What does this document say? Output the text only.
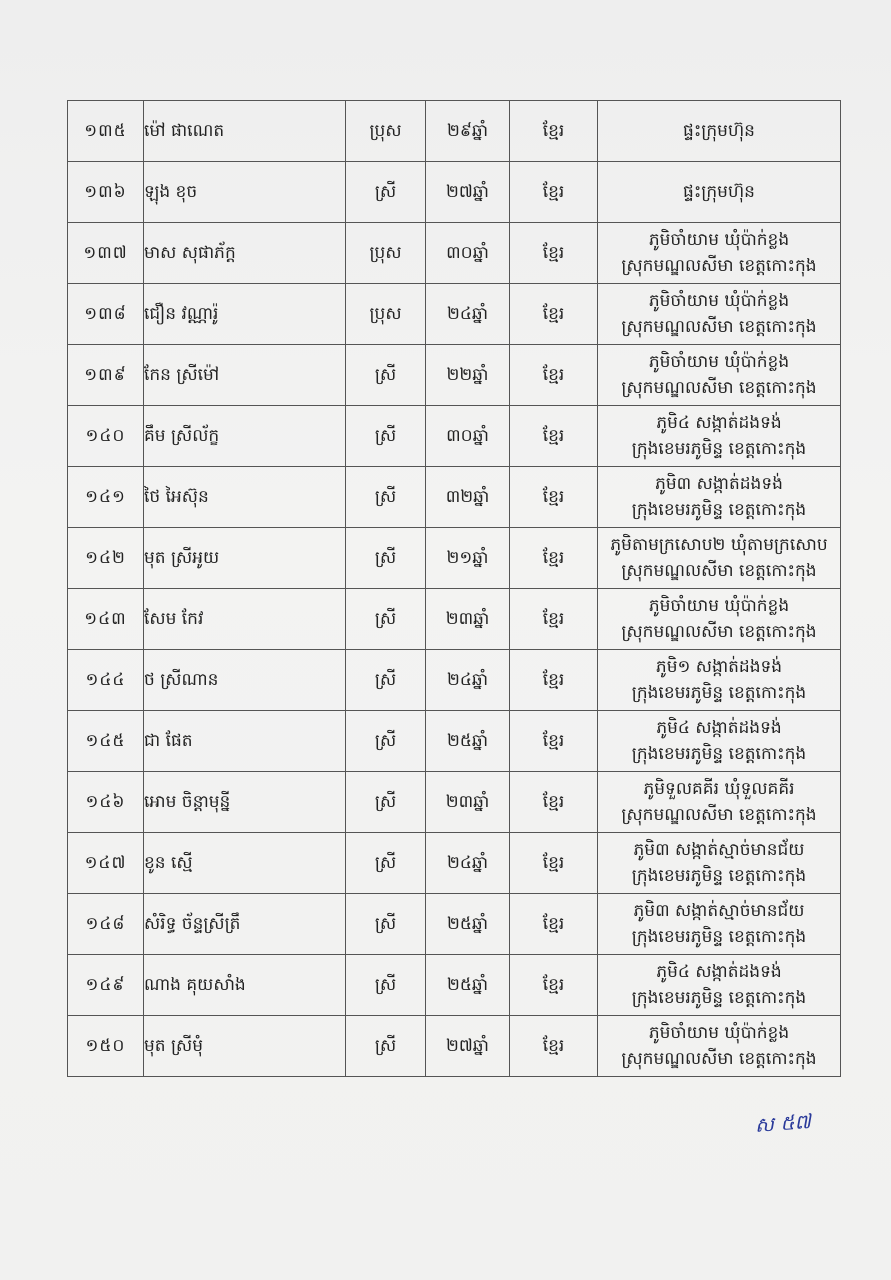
១៣៥	ម៉ៅ ផាណេត	ប្រុស	២៩ឆ្នាំ	ខ្មែរ	ផ្ទះក្រុមហ៊ុន

១៣៦	ឡុង ខុច	ស្រី	២៧ឆ្នាំ	ខ្មែរ	ផ្ទះក្រុមហ៊ុន

១៣៧	មាស សុផាភ័ក្ត	ប្រុស	៣០ឆ្នាំ	ខ្មែរ	ភូមិចាំយាម ឃុំប៉ាក់ខ្លង
ស្រុកមណ្ឌលសីមា ខេត្តកោះកុង

១៣៨	ជឿន វណ្ណារ៉ូ	ប្រុស	២៤ឆ្នាំ	ខ្មែរ	ភូមិចាំយាម ឃុំប៉ាក់ខ្លង
ស្រុកមណ្ឌលសីមា ខេត្តកោះកុង

១៣៩	កែន ស្រីម៉ៅ	ស្រី	២២ឆ្នាំ	ខ្មែរ	ភូមិចាំយាម ឃុំប៉ាក់ខ្លង
ស្រុកមណ្ឌលសីមា ខេត្តកោះកុង

១៤០	គឹម ស្រីល័ក្ខ	ស្រី	៣០ឆ្នាំ	ខ្មែរ	ភូមិ៤ សង្កាត់ដងទង់
ក្រុងខេមរភូមិន្ទ ខេត្តកោះកុង

១៤១	ថៃ អៃស៊ុន	ស្រី	៣២ឆ្នាំ	ខ្មែរ	ភូមិ៣ សង្កាត់ដងទង់
ក្រុងខេមរភូមិន្ទ ខេត្តកោះកុង

១៤២	មុត ស្រីអូយ	ស្រី	២១ឆ្នាំ	ខ្មែរ	ភូមិតាមក្រសោប២ ឃុំតាមក្រសោប
ស្រុកមណ្ឌលសីមា ខេត្តកោះកុង

១៤៣	សែម កែវ	ស្រី	២៣ឆ្នាំ	ខ្មែរ	ភូមិចាំយាម ឃុំប៉ាក់ខ្លង
ស្រុកមណ្ឌលសីមា ខេត្តកោះកុង

១៤៤	ថ ស្រីណាន	ស្រី	២៤ឆ្នាំ	ខ្មែរ	ភូមិ១ សង្កាត់ដងទង់
ក្រុងខេមរភូមិន្ទ ខេត្តកោះកុង

១៤៥	ជា ផែត	ស្រី	២៥ឆ្នាំ	ខ្មែរ	ភូមិ៤ សង្កាត់ដងទង់
ក្រុងខេមរភូមិន្ទ ខេត្តកោះកុង

១៤៦	អោម ចិន្តាមុន្នី	ស្រី	២៣ឆ្នាំ	ខ្មែរ	ភូមិទួលគគីរ ឃុំទួលគគីរ
ស្រុកមណ្ឌលសីមា ខេត្តកោះកុង

១៤៧	ខូន ស្មើ	ស្រី	២៤ឆ្នាំ	ខ្មែរ	ភូមិ៣ សង្កាត់ស្មាច់មានជ័យ
ក្រុងខេមរភូមិន្ទ ខេត្តកោះកុង

១៤៨	សំរិទ្ធ ច័ន្ទស្រីត្រឹ	ស្រី	២៥ឆ្នាំ	ខ្មែរ	ភូមិ៣ សង្កាត់ស្មាច់មានជ័យ
ក្រុងខេមរភូមិន្ទ ខេត្តកោះកុង

១៤៩	ណាង គុយសាំង	ស្រី	២៥ឆ្នាំ	ខ្មែរ	ភូមិ៤ សង្កាត់ដងទង់
ក្រុងខេមរភូមិន្ទ ខេត្តកោះកុង

១៥០	មុត ស្រីមុំ	ស្រី	២៧ឆ្នាំ	ខ្មែរ	ភូមិចាំយាម ឃុំប៉ាក់ខ្លង
ស្រុកមណ្ឌលសីមា ខេត្តកោះកុង
ស ៥៧
